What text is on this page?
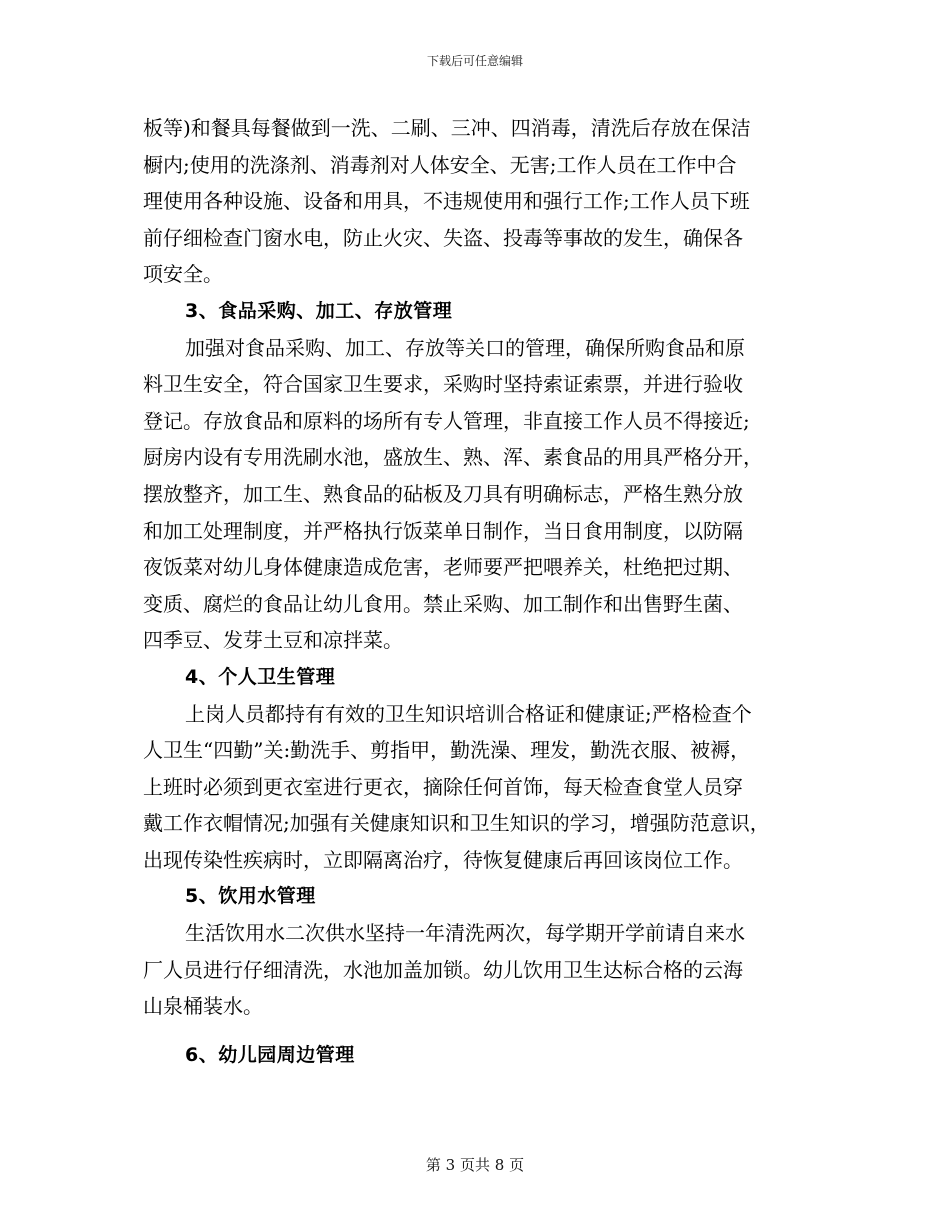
下载后可任意编辑
板等)和餐具每餐做到一洗、二刷、三冲、四消毒，清洗后存放在保洁
橱内;使用的洗涤剂、消毒剂对人体安全、无害;工作人员在工作中合
理使用各种设施、设备和用具，不违规使用和强行工作;工作人员下班
前仔细检查门窗水电，防止火灾、失盗、投毒等事故的发生，确保各
项安全。
3、食品采购、加工、存放管理
加强对食品采购、加工、存放等关口的管理，确保所购食品和原
料卫生安全，符合国家卫生要求，采购时坚持索证索票，并进行验收
登记。存放食品和原料的场所有专人管理，非直接工作人员不得接近;
厨房内设有专用洗刷水池，盛放生、熟、浑、素食品的用具严格分开，
摆放整齐，加工生、熟食品的砧板及刀具有明确标志，严格生熟分放
和加工处理制度，并严格执行饭菜单日制作，当日食用制度，以防隔
夜饭菜对幼儿身体健康造成危害，老师要严把喂养关，杜绝把过期、
变质、腐烂的食品让幼儿食用。禁止采购、加工制作和出售野生菌、
四季豆、发芽土豆和凉拌菜。
4、个人卫生管理
上岗人员都持有有效的卫生知识培训合格证和健康证;严格检查个
人卫生“四勤”关:勤洗手、剪指甲，勤洗澡、理发，勤洗衣服、被褥，
上班时必须到更衣室进行更衣，摘除任何首饰，每天检查食堂人员穿
戴工作衣帽情况;加强有关健康知识和卫生知识的学习，增强防范意识，
出现传染性疾病时，立即隔离治疗，待恢复健康后再回该岗位工作。
5、饮用水管理
生活饮用水二次供水坚持一年清洗两次，每学期开学前请自来水
厂人员进行仔细清洗，水池加盖加锁。幼儿饮用卫生达标合格的云海
山泉桶装水。
6、幼儿园周边管理
第 3 页共 8 页
